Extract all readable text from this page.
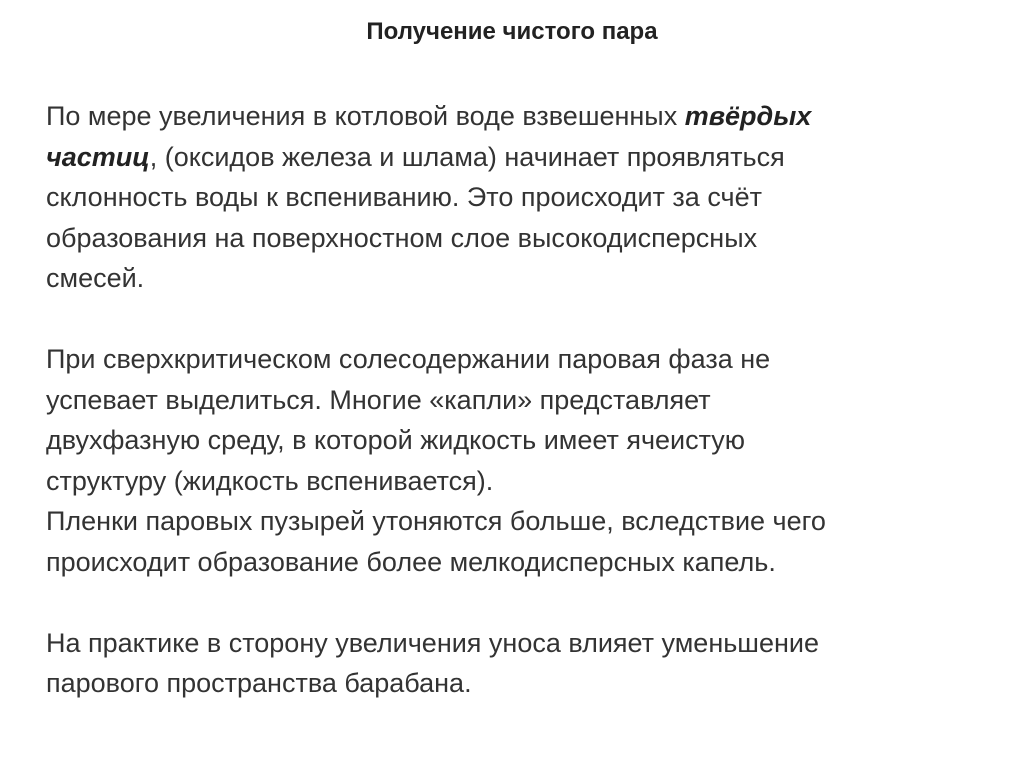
Получение чистого пара

По мере увеличения в котловой воде взвешенных твёрдых
частиц, (оксидов железа и шлама) начинает проявляться
склонность воды к вспениванию. Это происходит за счёт
образования на поверхностном слое высокодисперсных
смесей.

При сверхкритическом солесодержании паровая фаза не
успевает выделиться. Многие «капли» представляет
двухфазную среду, в которой жидкость имеет ячеистую
структуру (жидкость вспенивается).
Пленки паровых пузырей утоняются больше, вследствие чего
происходит образование более мелкодисперсных капель.

На практике в сторону увеличения уноса влияет уменьшение
парового пространства барабана.
